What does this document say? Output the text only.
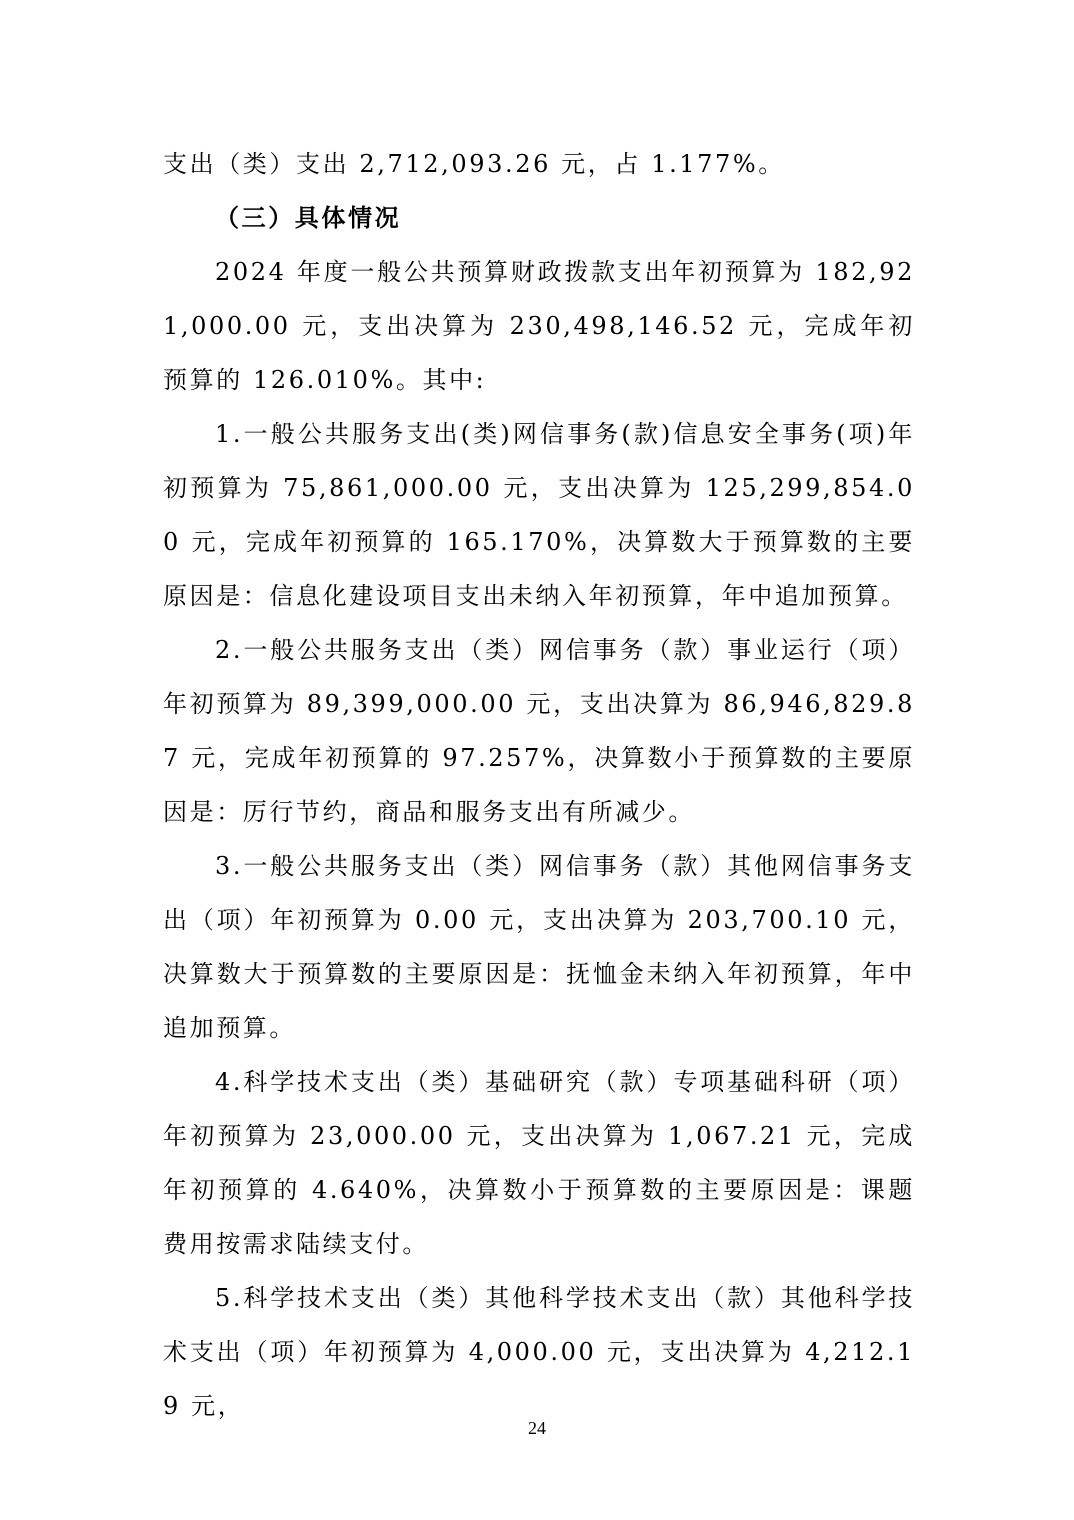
支出（类）支出 2,712,093.26 元，占 1.177%。

（三）具体情况

2024 年度一般公共预算财政拨款支出年初预算为 182,921,000.00 元，支出决算为 230,498,146.52 元，完成年初预算的 126.010%。其中:

1.一般公共服务支出(类)网信事务(款)信息安全事务(项)年初预算为 75,861,000.00 元，支出决算为 125,299,854.00 元，完成年初预算的 165.170%，决算数大于预算数的主要原因是：信息化建设项目支出未纳入年初预算，年中追加预算。

2.一般公共服务支出（类）网信事务（款）事业运行（项）年初预算为 89,399,000.00 元，支出决算为 86,946,829.87 元，完成年初预算的 97.257%，决算数小于预算数的主要原因是：厉行节约，商品和服务支出有所减少。

3.一般公共服务支出（类）网信事务（款）其他网信事务支出（项）年初预算为 0.00 元，支出决算为 203,700.10 元，决算数大于预算数的主要原因是：抚恤金未纳入年初预算，年中追加预算。

4.科学技术支出（类）基础研究（款）专项基础科研（项）年初预算为 23,000.00 元，支出决算为 1,067.21 元，完成年初预算的 4.640%，决算数小于预算数的主要原因是：课题费用按需求陆续支付。

5.科学技术支出（类）其他科学技术支出（款）其他科学技术支出（项）年初预算为 4,000.00 元，支出决算为 4,212.19 元，

24
